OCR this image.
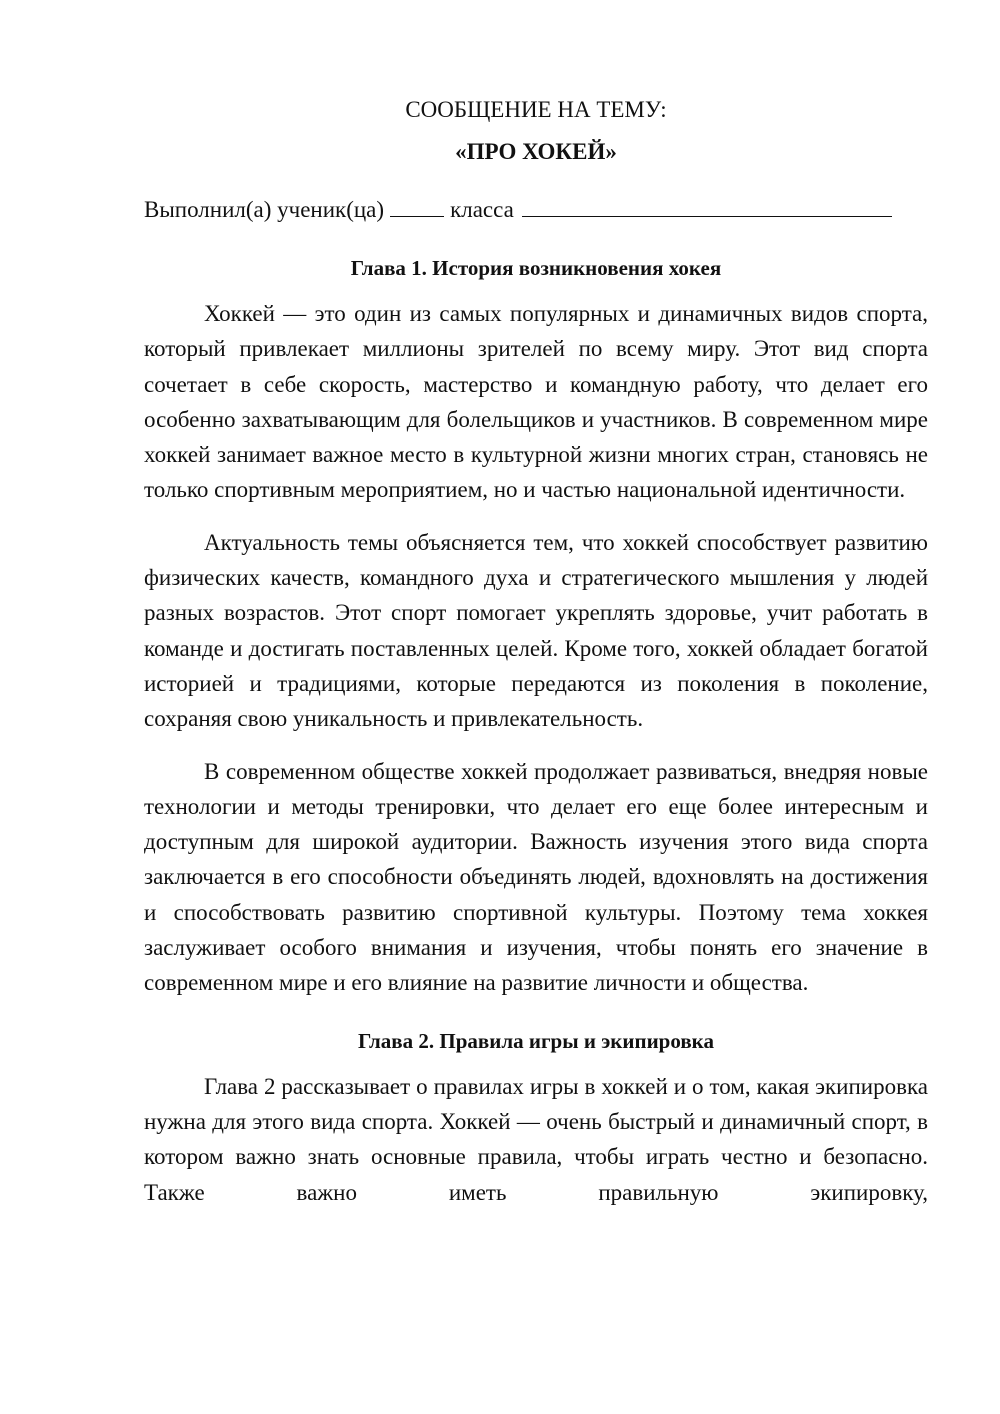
СООБЩЕНИЕ НА ТЕМУ:

«ПРО ХОКЕЙ»

Выполнил(а) ученик(ца)	класса

Глава 1. История возникновения хокея

Хоккей — это один из самых популярных и динамичных видов спорта, который привлекает миллионы зрителей по всему миру. Этот вид спорта сочетает в себе скорость, мастерство и командную работу, что делает его особенно захватывающим для болельщиков и участников. В современном мире хоккей занимает важное место в культурной жизни многих стран, становясь не только спортивным мероприятием, но и частью национальной идентичности.

Актуальность темы объясняется тем, что хоккей способствует развитию физических качеств, командного духа и стратегического мышления у людей разных возрастов. Этот спорт помогает укреплять здоровье, учит работать в команде и достигать поставленных целей. Кроме того, хоккей обладает богатой историей и традициями, которые передаются из поколения в поколение, сохраняя свою уникальность и привлекательность.

В современном обществе хоккей продолжает развиваться, внедряя новые технологии и методы тренировки, что делает его еще более интересным и доступным для широкой аудитории. Важность изучения этого вида спорта заключается в его способности объединять людей, вдохновлять на достижения и способствовать развитию спортивной культуры. Поэтому тема хоккея заслуживает особого внимания и изучения, чтобы понять его значение в современном мире и его влияние на развитие личности и общества.

Глава 2. Правила игры и экипировка

Глава 2 рассказывает о правилах игры в хоккей и о том, какая экипировка нужна для этого вида спорта. Хоккей — очень быстрый и динамичный спорт, в котором важно знать основные правила, чтобы играть честно и безопасно. Также важно иметь правильную экипировку,
